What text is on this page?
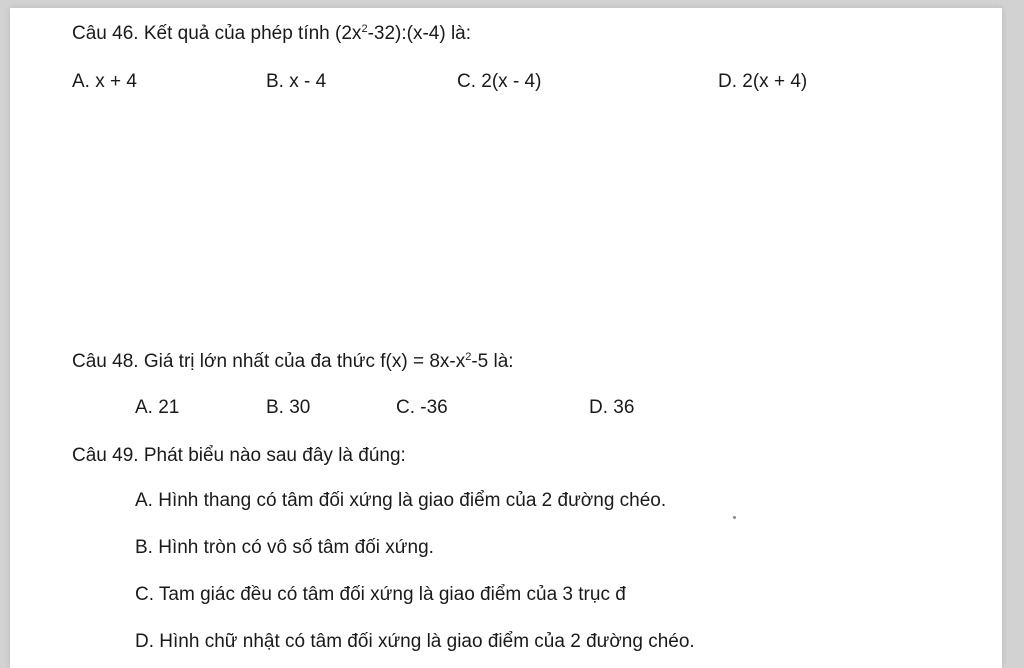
Câu 46. Kết quả của phép tính $(2x^2-32):(x-4)$ là:
A. x + 4	B. x - 4	C. 2(x - 4)	D. 2(x + 4)
Câu 48. Giá trị lớn nhất của đa thức $f(x) = 8x-x^2-5$ là:
A. 21	B. 30	C. -36	D. 36
Câu 49. Phát biểu nào sau đây là đúng:
A. Hình thang có tâm đối xứng là giao điểm của 2 đường chéo.
B. Hình tròn có vô số tâm đối xứng.
C. Tam giác đều có tâm đối xứng là giao điểm của 3 trục đ
D. Hình chữ nhật có tâm đối xứng là giao điểm của 2 đường chéo.
